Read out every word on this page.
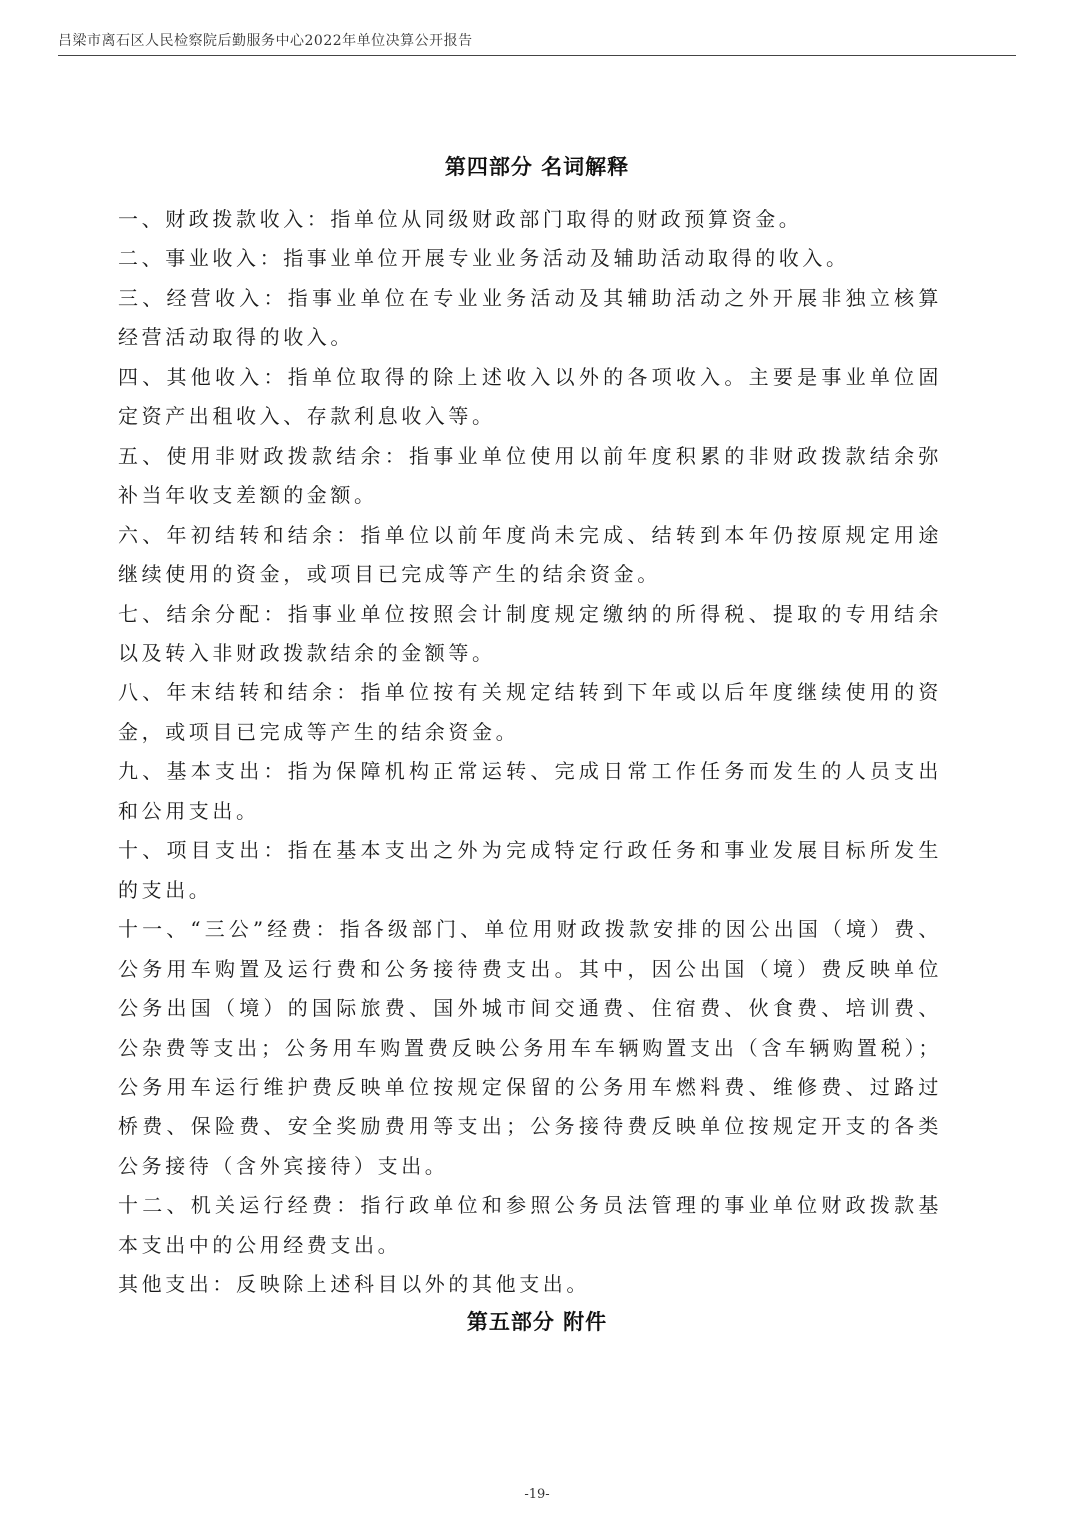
吕梁市离石区人民检察院后勤服务中心2022年单位决算公开报告
第四部分 名词解释

一、财政拨款收入：指单位从同级财政部门取得的财政预算资金。

二、事业收入：指事业单位开展专业业务活动及辅助活动取得的收入。

三、经营收入：指事业单位在专业业务活动及其辅助活动之外开展非独立核算经营活动取得的收入。

四、其他收入：指单位取得的除上述收入以外的各项收入。主要是事业单位固定资产出租收入、存款利息收入等。

五、使用非财政拨款结余：指事业单位使用以前年度积累的非财政拨款结余弥补当年收支差额的金额。

六、年初结转和结余：指单位以前年度尚未完成、结转到本年仍按原规定用途继续使用的资金，或项目已完成等产生的结余资金。

七、结余分配：指事业单位按照会计制度规定缴纳的所得税、提取的专用结余以及转入非财政拨款结余的金额等。

八、年末结转和结余：指单位按有关规定结转到下年或以后年度继续使用的资金，或项目已完成等产生的结余资金。

九、基本支出：指为保障机构正常运转、完成日常工作任务而发生的人员支出和公用支出。

十、项目支出：指在基本支出之外为完成特定行政任务和事业发展目标所发生的支出。

十一、“三公”经费：指各级部门、单位用财政拨款安排的因公出国（境）费、公务用车购置及运行费和公务接待费支出。其中，因公出国（境）费反映单位公务出国（境）的国际旅费、国外城市间交通费、住宿费、伙食费、培训费、公杂费等支出；公务用车购置费反映公务用车车辆购置支出（含车辆购置税）；公务用车运行维护费反映单位按规定保留的公务用车燃料费、维修费、过路过桥费、保险费、安全奖励费用等支出；公务接待费反映单位按规定开支的各类公务接待（含外宾接待）支出。

十二、机关运行经费：指行政单位和参照公务员法管理的事业单位财政拨款基本支出中的公用经费支出。

其他支出：反映除上述科目以外的其他支出。

第五部分 附件
-19-
